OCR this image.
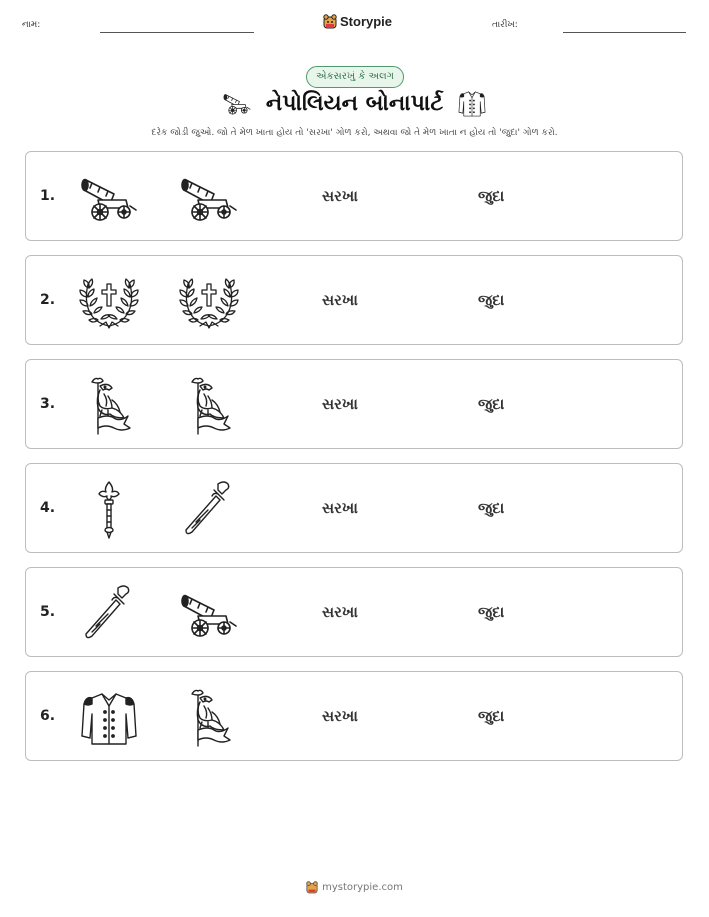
નામ:	Storypie	તારીખ:
એકસરખું કે અલગ
નેપોલિયન બોનાપાર્ટ
દરેક જોડી જુઓ. જો તે મેળ ખાતા હોય તો 'સરખા' ગોળ કરો, અથવા જો તે મેળ ખાતા ન હોય તો 'જુદા' ગોળ કરો.
1.	સરખા	જુદા
2.	સરખા	જુદા
3.	સરખા	જુદા
4.	સરખા	જુદા
5.	સરખા	જુદા
6.	સરખા	જુદા
mystorypie.com
